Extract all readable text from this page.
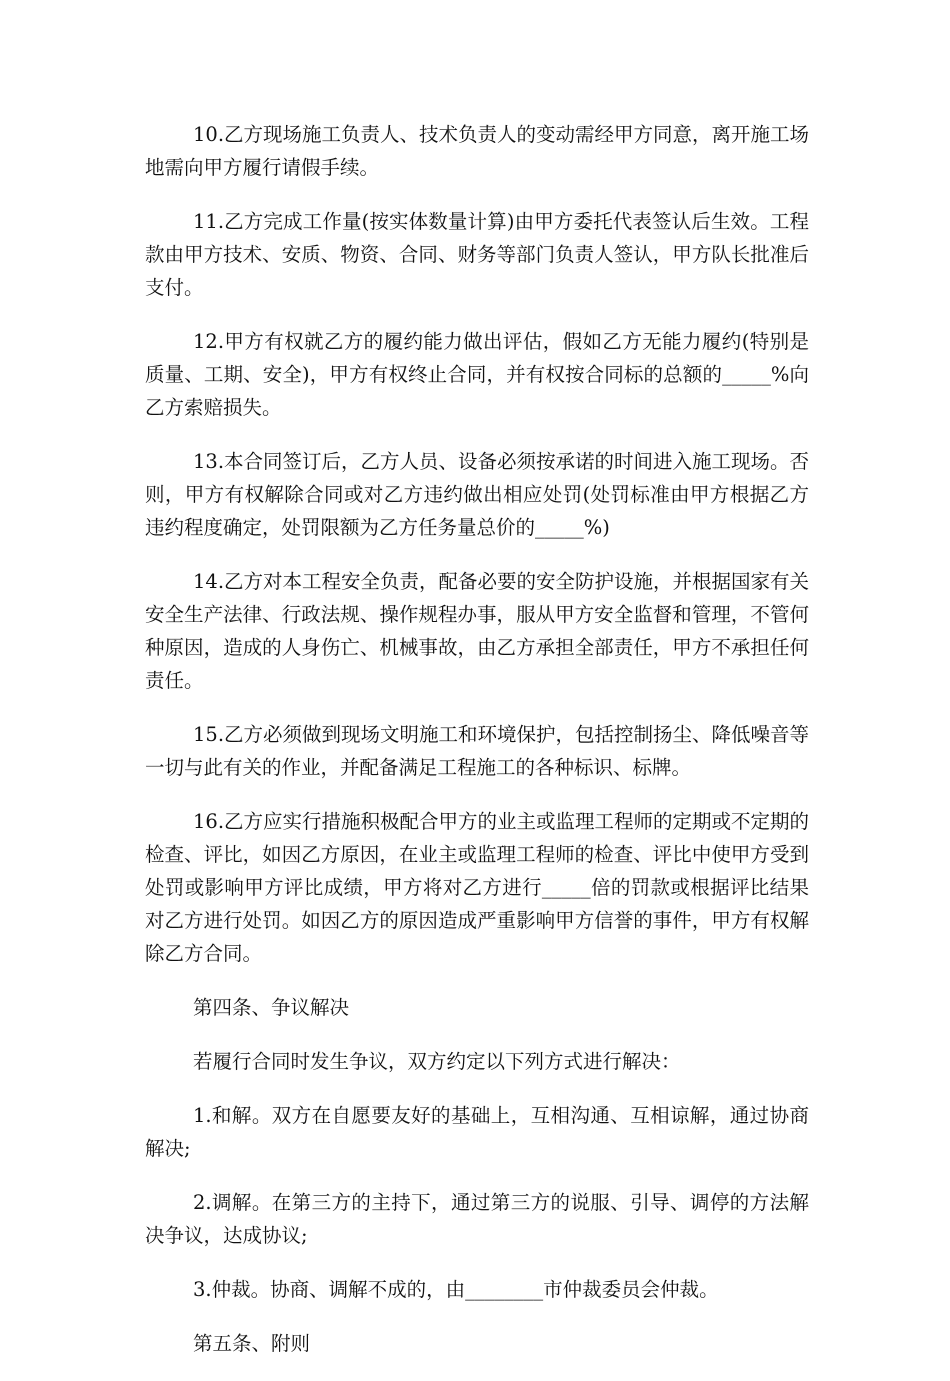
10.乙方现场施工负责人、技术负责人的变动需经甲方同意，离开施工场地需向甲方履行请假手续。

11.乙方完成工作量(按实体数量计算)由甲方委托代表签认后生效。工程款由甲方技术、安质、物资、合同、财务等部门负责人签认，甲方队长批准后支付。

12.甲方有权就乙方的履约能力做出评估，假如乙方无能力履约(特别是质量、工期、安全)，甲方有权终止合同，并有权按合同标的总额的_____%向乙方索赔损失。

13.本合同签订后，乙方人员、设备必须按承诺的时间进入施工现场。否则，甲方有权解除合同或对乙方违约做出相应处罚(处罚标准由甲方根据乙方违约程度确定，处罚限额为乙方任务量总价的_____%)

14.乙方对本工程安全负责，配备必要的安全防护设施，并根据国家有关安全生产法律、行政法规、操作规程办事，服从甲方安全监督和管理，不管何种原因，造成的人身伤亡、机械事故，由乙方承担全部责任，甲方不承担任何责任。

15.乙方必须做到现场文明施工和环境保护，包括控制扬尘、降低噪音等一切与此有关的作业，并配备满足工程施工的各种标识、标牌。

16.乙方应实行措施积极配合甲方的业主或监理工程师的定期或不定期的检查、评比，如因乙方原因，在业主或监理工程师的检查、评比中使甲方受到处罚或影响甲方评比成绩，甲方将对乙方进行_____倍的罚款或根据评比结果对乙方进行处罚。如因乙方的原因造成严重影响甲方信誉的事件，甲方有权解除乙方合同。

第四条、争议解决

若履行合同时发生争议，双方约定以下列方式进行解决：

1.和解。双方在自愿要友好的基础上，互相沟通、互相谅解，通过协商解决;

2.调解。在第三方的主持下，通过第三方的说服、引导、调停的方法解决争议，达成协议;

3.仲裁。协商、调解不成的，由________市仲裁委员会仲裁。

第五条、附则
